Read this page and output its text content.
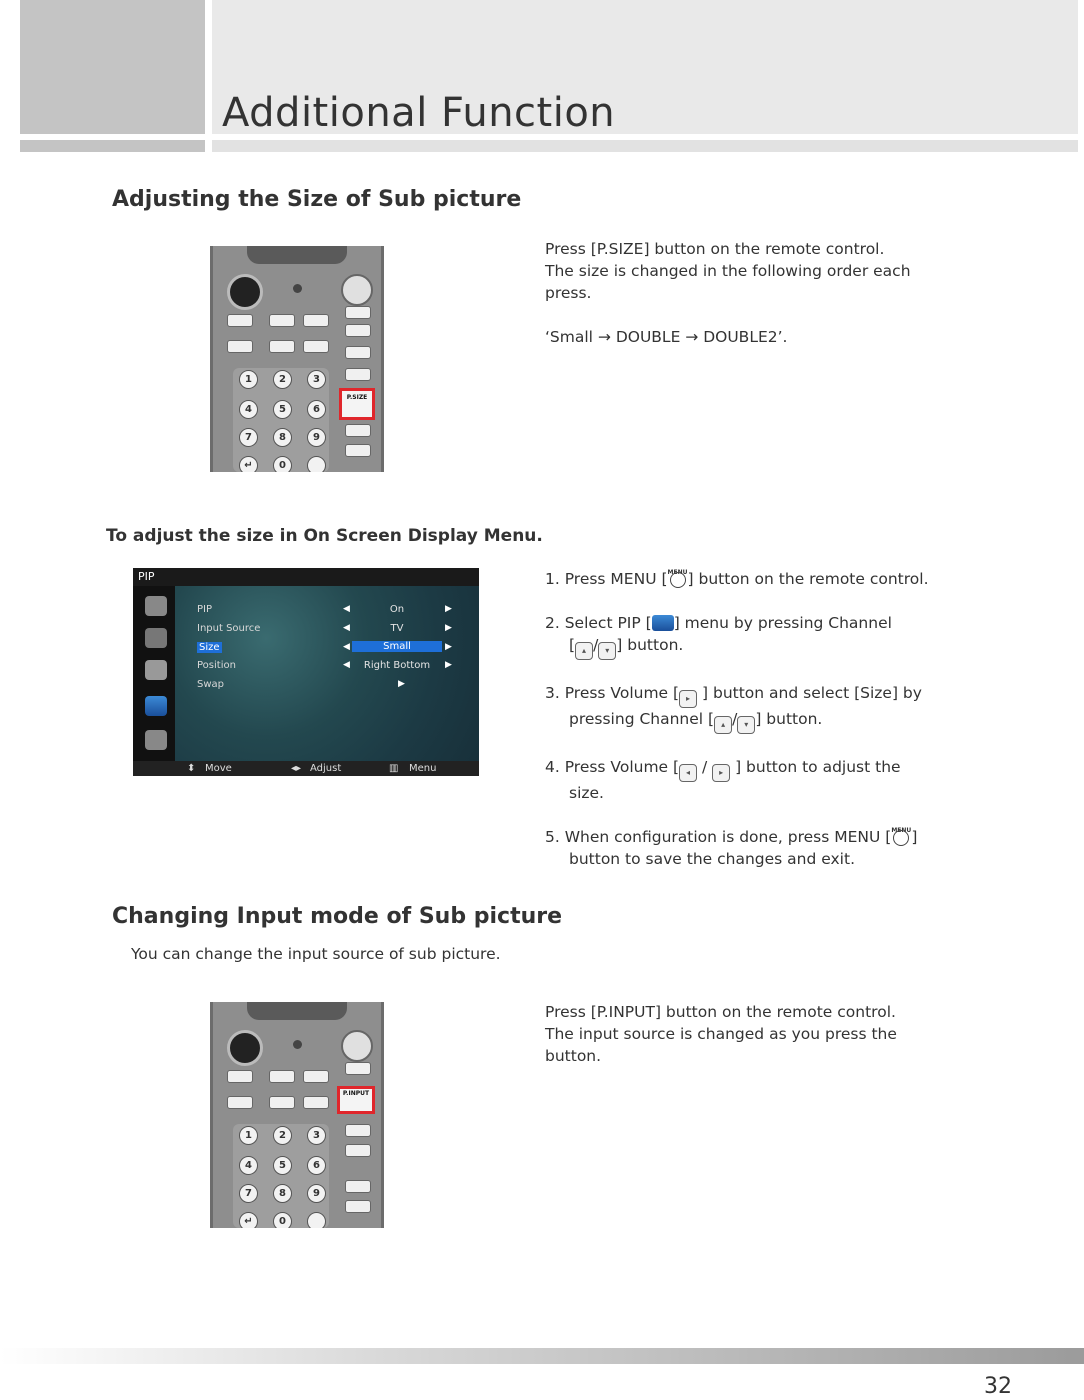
Additional Function
Adjusting the Size of Sub picture
1	2	3
4	5	6
7	8	9
↵	0
P.SIZE
Press [P.SIZE] button on the remote control.
The size is changed in the following order each
press.
‘Small → DOUBLE → DOUBLE2’.
To adjust the size in On Screen Display Menu.
PIP
PIP
Input Source
Size
Position
Swap
◀	▶
◀	▶
◀	▶
◀	▶
▶
On
TV
Small
Right Bottom
⬍ Move	◂▸ Adjust	▥ Menu
1. Press MENU [ MENU ] button on the remote control.
2. Select PIP [ ] menu by pressing Channel
[ ▴ / ▾ ] button.
3. Press Volume [ ▸ ] button and select [Size] by
pressing Channel [ ▴ / ▾ ] button.
4. Press Volume [ ◂ / ▸ ] button to adjust the
size.
5. When configuration is done, press MENU [ MENU ]
button to save the changes and exit.
Changing Input mode of Sub picture
You can change the input source of sub picture.
1	2	3
4	5	6
7	8	9
↵	0
P.INPUT
Press [P.INPUT] button on the remote control.
The input source is changed as you press the
button.
32
